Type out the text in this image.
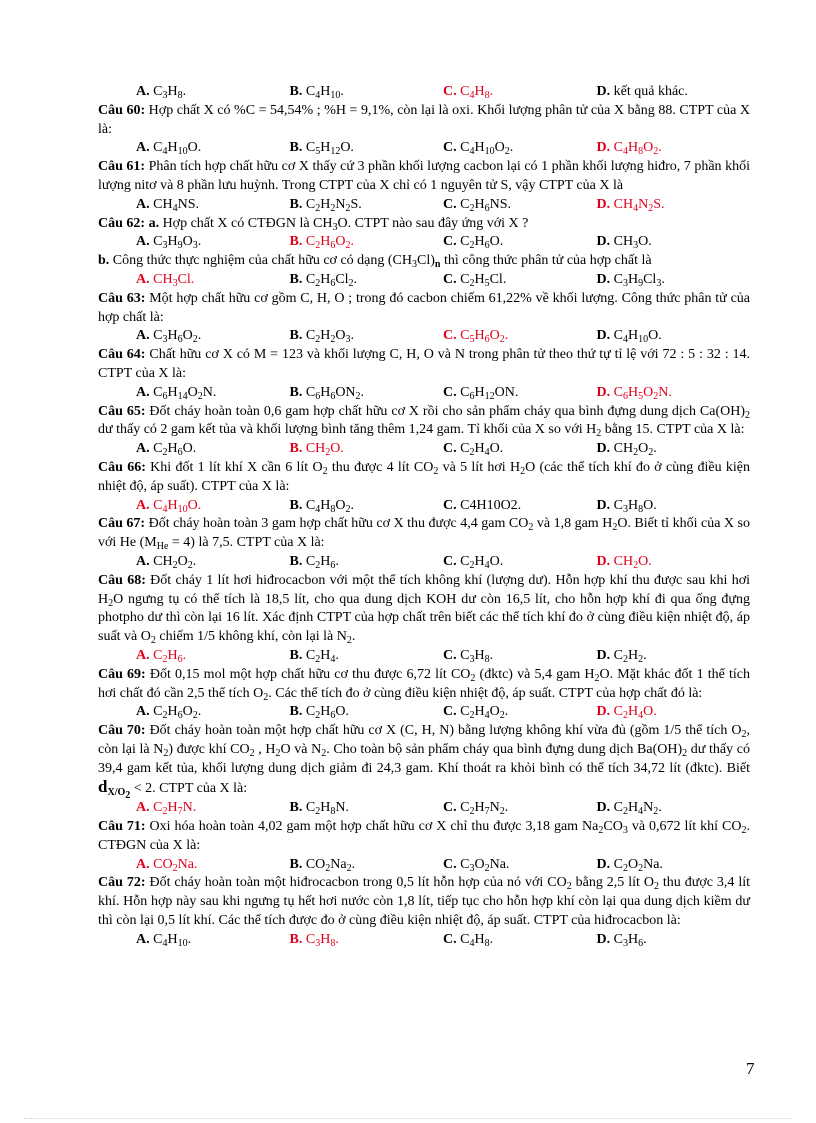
A. $C_3H_8$.	B. $C_4H_{10}$.	C. $C_4H_8$.	D. kết quả khác.
Câu 60: Hợp chất X có %C = 54,54% ; %H = 9,1%, còn lại là oxi. Khối lượng phân tử của X bằng 88. CTPT của X là:
A. $C_4H_{10}O$.	B. $C_5H_{12}O$.	C. $C_4H_{10}O_2$.	D. $C_4H_8O_2$.
Câu 61: Phân tích hợp chất hữu cơ X thấy cứ 3 phần khối lượng cacbon lại có 1 phần khối lượng hiđro, 7 phần khối lượng nitơ và 8 phần lưu huỳnh. Trong CTPT của X chỉ có 1 nguyên tử S, vậy CTPT của X là
A. $CH_4NS$.	B. $C_2H_2N_2S$.	C. $C_2H_6NS$.	D. $CH_4N_2S$.
Câu 62: a. Hợp chất X có CTĐGN là $CH_3O$. CTPT nào sau đây ứng với X ?
A. $C_3H_9O_3$.	B. $C_2H_6O_2$.	C. $C_2H_6O$.	D. $CH_3O$.
b. Công thức thực nghiệm của chất hữu cơ có dạng $(CH_3Cl)_n$ thì công thức phân tử của hợp chất là
A. $CH_3Cl$.	B. $C_2H_6Cl_2$.	C. $C_2H_5Cl$.	D. $C_3H_9Cl_3$.
Câu 63: Một hợp chất hữu cơ gồm C, H, O ; trong đó cacbon chiếm 61,22% về khối lượng. Công thức phân tử của hợp chất là:
A. $C_3H_6O_2$.	B. $C_2H_2O_3$.	C. $C_5H_6O_2$.	D. $C_4H_{10}O$.
Câu 64: Chất hữu cơ X có M = 123 và khối lượng C, H, O và N trong phân tử theo thứ tự tỉ lệ với 72 : 5 : 32 : 14. CTPT của X là:
A. $C_6H_{14}O_2N$.	B. $C_6H_6ON_2$.	C. $C_6H_{12}ON$.	D. $C_6H_5O_2N$.
Câu 65: Đốt cháy hoàn toàn 0,6 gam hợp chất hữu cơ X rồi cho sản phẩm cháy qua bình đựng dung dịch $Ca(OH)_2$ dư thấy có 2 gam kết tủa và khối lượng bình tăng thêm 1,24 gam. Tỉ khối của X so với $H_2$ bằng 15. CTPT của X là:
A. $C_2H_6O$.	B. $CH_2O$.	C. $C_2H_4O$.	D. $CH_2O_2$.
Câu 66: Khi đốt 1 lít khí X cần 6 lít $O_2$ thu được 4 lít $CO_2$ và 5 lít hơi $H_2O$ (các thể tích khí đo ở cùng điều kiện nhiệt độ, áp suất). CTPT của X là:
A. $C_4H_{10}O$.	B. $C_4H_8O_2$.	C. C4H10O2.	D. $C_3H_8O$.
Câu 67: Đốt cháy hoàn toàn 3 gam hợp chất hữu cơ X thu được 4,4 gam $CO_2$ và 1,8 gam $H_2O$. Biết tỉ khối của X so với He $(M_{He} = 4)$ là 7,5. CTPT của X là:
A. $CH_2O_2$.	B. $C_2H_6$.	C. $C_2H_4O$.	D. $CH_2O$.
Câu 68: Đốt cháy 1 lít hơi hiđrocacbon với một thể tích không khí (lượng dư). Hỗn hợp khí thu được sau khi hơi $H_2O$ ngưng tụ có thể tích là 18,5 lít, cho qua dung dịch KOH dư còn 16,5 lít, cho hỗn hợp khí đi qua ống đựng photpho dư thì còn lại 16 lít. Xác định CTPT của hợp chất trên biết các thể tích khí đo ở cùng điều kiện nhiệt độ, áp suất và $O_2$ chiếm 1/5 không khí, còn lại là $N_2$.
A. $C_2H_6$.	B. $C_2H_4$.	C. $C_3H_8$.	D. $C_2H_2$.
Câu 69: Đốt 0,15 mol một hợp chất hữu cơ thu được 6,72 lít $CO_2$ (đktc) và 5,4 gam $H_2O$. Mặt khác đốt 1 thể tích hơi chất đó cần 2,5 thể tích $O_2$. Các thể tích đo ở cùng điều kiện nhiệt độ, áp suất. CTPT của hợp chất đó là:
A. $C_2H_6O_2$.	B. $C_2H_6O$.	C. $C_2H_4O_2$.	D. $C_2H_4O$.
Câu 70: Đốt cháy hoàn toàn một hợp chất hữu cơ X (C, H, N) bằng lượng không khí vừa đủ (gồm 1/5 thể tích $O_2$, còn lại là $N_2$) được khí $CO_2$ , $H_2O$ và $N_2$. Cho toàn bộ sản phẩm cháy qua bình đựng dung dịch $Ba(OH)_2$ dư thấy có 39,4 gam kết tủa, khối lượng dung dịch giảm đi 24,3 gam. Khí thoát ra khỏi bình có thể tích 34,72 lít (đktc). Biết $d_{X/O_2} < 2$. CTPT của X là:
A. $C_2H_7N$.	B. $C_2H_8N$.	C. $C_2H_7N_2$.	D. $C_2H_4N_2$.
Câu 71: Oxi hóa hoàn toàn 4,02 gam một hợp chất hữu cơ X chỉ thu được 3,18 gam $Na_2CO_3$ và 0,672 lít khí $CO_2$. CTĐGN của X là:
A. $CO_2Na$.	B. $CO_2Na_2$.	C. $C_3O_2Na$.	D. $C_2O_2Na$.
Câu 72: Đốt cháy hoàn toàn một hiđrocacbon trong 0,5 lít hỗn hợp của nó với $CO_2$ bằng 2,5 lít $O_2$ thu được 3,4 lít khí. Hỗn hợp này sau khi ngưng tụ hết hơi nước còn 1,8 lít, tiếp tục cho hỗn hợp khí còn lại qua dung dịch kiềm dư thì còn lại 0,5 lít khí. Các thể tích được đo ở cùng điều kiện nhiệt độ, áp suất. CTPT của hiđrocacbon là:
A. $C_4H_{10}$.	B. $C_3H_8$.	C. $C_4H_8$.	D. $C_3H_6$.
7
